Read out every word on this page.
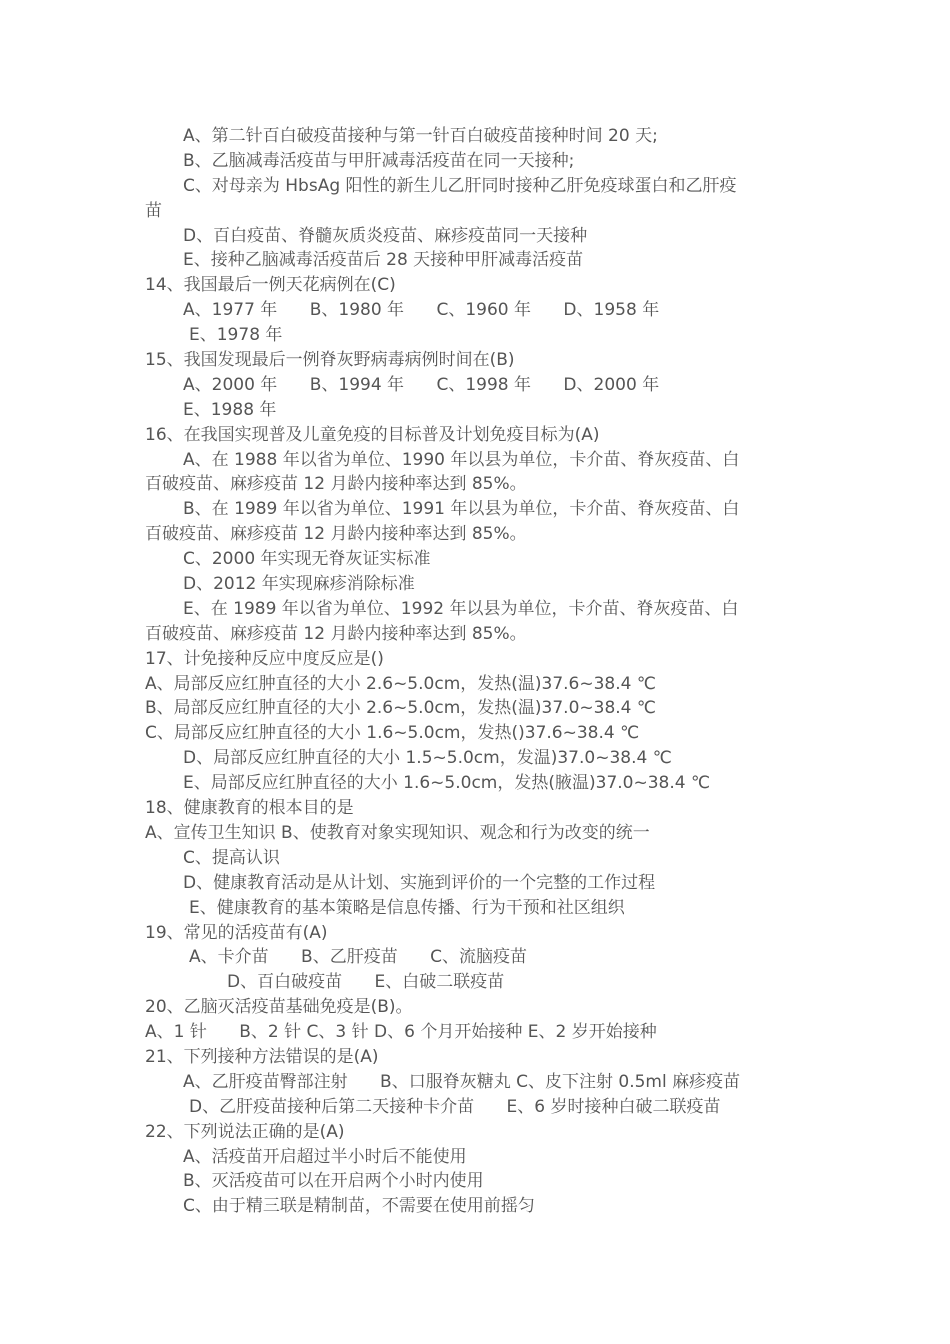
A、第二针百白破疫苗接种与第一针百白破疫苗接种时间 20 天;
B、乙脑减毒活疫苗与甲肝减毒活疫苗在同一天接种;
C、对母亲为 HbsAg 阳性的新生儿乙肝同时接种乙肝免疫球蛋白和乙肝疫
苗
D、百白疫苗、脊髓灰质炎疫苗、麻疹疫苗同一天接种
E、接种乙脑减毒活疫苗后 28 天接种甲肝减毒活疫苗
14、我国最后一例天花病例在(C)
A、1977 年      B、1980 年      C、1960 年      D、1958 年
E、1978 年
15、我国发现最后一例脊灰野病毒病例时间在(B)
A、2000 年      B、1994 年      C、1998 年      D、2000 年
E、1988 年
16、在我国实现普及儿童免疫的目标普及计划免疫目标为(A)
A、在 1988 年以省为单位、1990 年以县为单位，卡介苗、脊灰疫苗、白
百破疫苗、麻疹疫苗 12 月龄内接种率达到 85%。
B、在 1989 年以省为单位、1991 年以县为单位，卡介苗、脊灰疫苗、白
百破疫苗、麻疹疫苗 12 月龄内接种率达到 85%。
C、2000 年实现无脊灰证实标准
D、2012 年实现麻疹消除标准
E、在 1989 年以省为单位、1992 年以县为单位，卡介苗、脊灰疫苗、白
百破疫苗、麻疹疫苗 12 月龄内接种率达到 85%。
17、计免接种反应中度反应是()
A、局部反应红肿直径的大小 2.6~5.0cm，发热(温)37.6~38.4 ℃
B、局部反应红肿直径的大小 2.6~5.0cm，发热(温)37.0~38.4 ℃
C、局部反应红肿直径的大小 1.6~5.0cm，发热()37.6~38.4 ℃
D、局部反应红肿直径的大小 1.5~5.0cm，发温)37.0~38.4 ℃
E、局部反应红肿直径的大小 1.6~5.0cm，发热(腋温)37.0~38.4 ℃
18、健康教育的根本目的是
A、宣传卫生知识 B、使教育对象实现知识、观念和行为改变的统一
C、提高认识
D、健康教育活动是从计划、实施到评价的一个完整的工作过程
E、健康教育的基本策略是信息传播、行为干预和社区组织
19、常见的活疫苗有(A)
A、卡介苗      B、乙肝疫苗      C、流脑疫苗
D、百白破疫苗      E、白破二联疫苗
20、乙脑灭活疫苗基础免疫是(B)。
A、1 针      B、2 针 C、3 针 D、6 个月开始接种 E、2 岁开始接种
21、下列接种方法错误的是(A)
A、乙肝疫苗臀部注射      B、口服脊灰糖丸 C、皮下注射 0.5ml 麻疹疫苗
D、乙肝疫苗接种后第二天接种卡介苗      E、6 岁时接种白破二联疫苗
22、下列说法正确的是(A)
A、活疫苗开启超过半小时后不能使用
B、灭活疫苗可以在开启两个小时内使用
C、由于精三联是精制苗，不需要在使用前摇匀
